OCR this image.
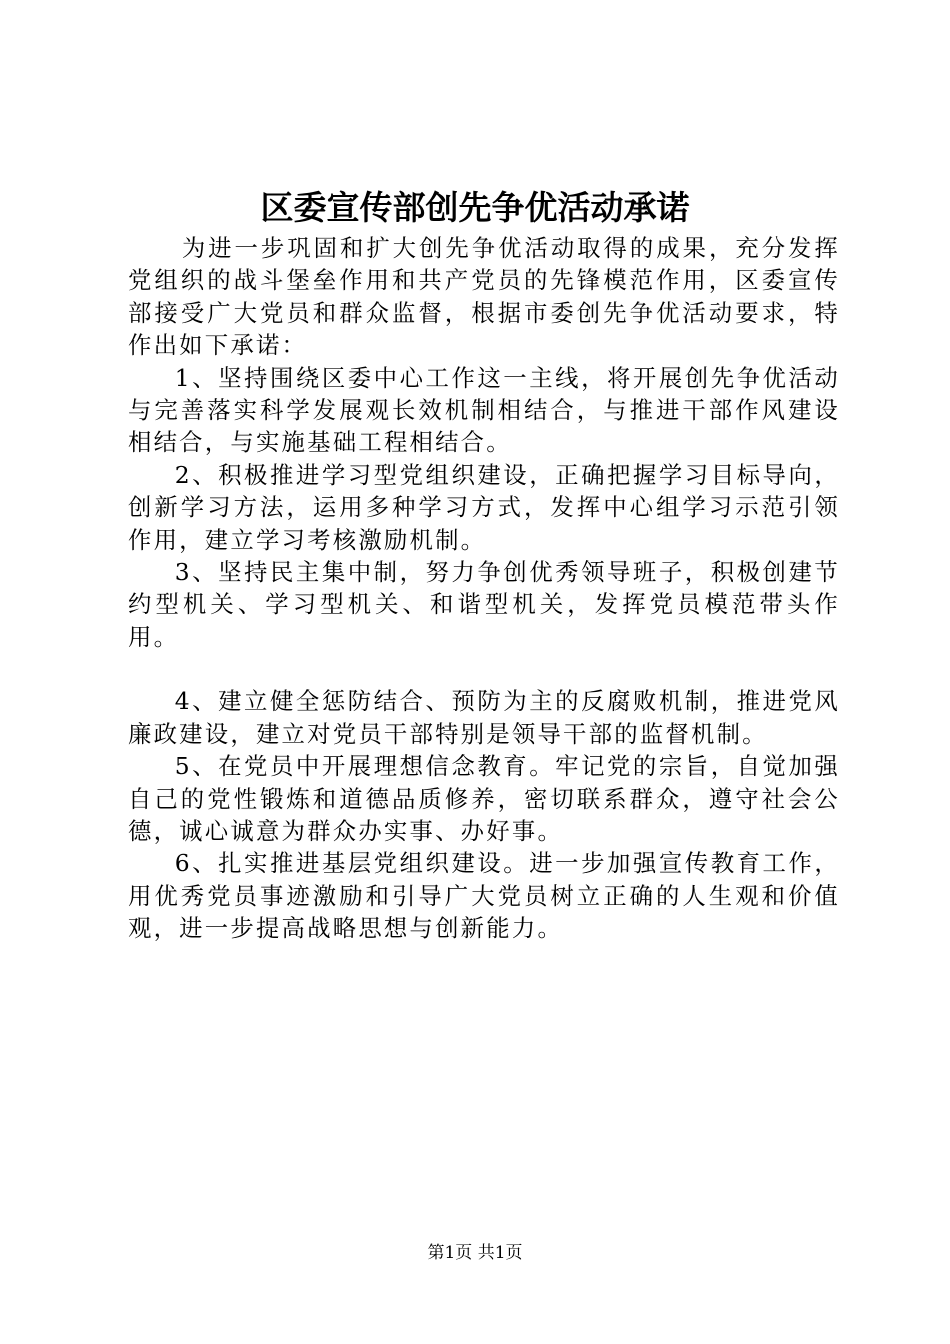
区委宣传部创先争优活动承诺

为进一步巩固和扩大创先争优活动取得的成果，充分发挥党组织的战斗堡垒作用和共产党员的先锋模范作用，区委宣传部接受广大党员和群众监督，根据市委创先争优活动要求，特作出如下承诺：

1、坚持围绕区委中心工作这一主线，将开展创先争优活动与完善落实科学发展观长效机制相结合，与推进干部作风建设相结合，与实施基础工程相结合。

2、积极推进学习型党组织建设，正确把握学习目标导向，创新学习方法，运用多种学习方式，发挥中心组学习示范引领作用，建立学习考核激励机制。

3、坚持民主集中制，努力争创优秀领导班子，积极创建节约型机关、学习型机关、和谐型机关，发挥党员模范带头作用。

4、建立健全惩防结合、预防为主的反腐败机制，推进党风廉政建设，建立对党员干部特别是领导干部的监督机制。

5、在党员中开展理想信念教育。牢记党的宗旨，自觉加强自己的党性锻炼和道德品质修养，密切联系群众，遵守社会公德，诚心诚意为群众办实事、办好事。

6、扎实推进基层党组织建设。进一步加强宣传教育工作，用优秀党员事迹激励和引导广大党员树立正确的人生观和价值观，进一步提高战略思想与创新能力。

第1页 共1页
